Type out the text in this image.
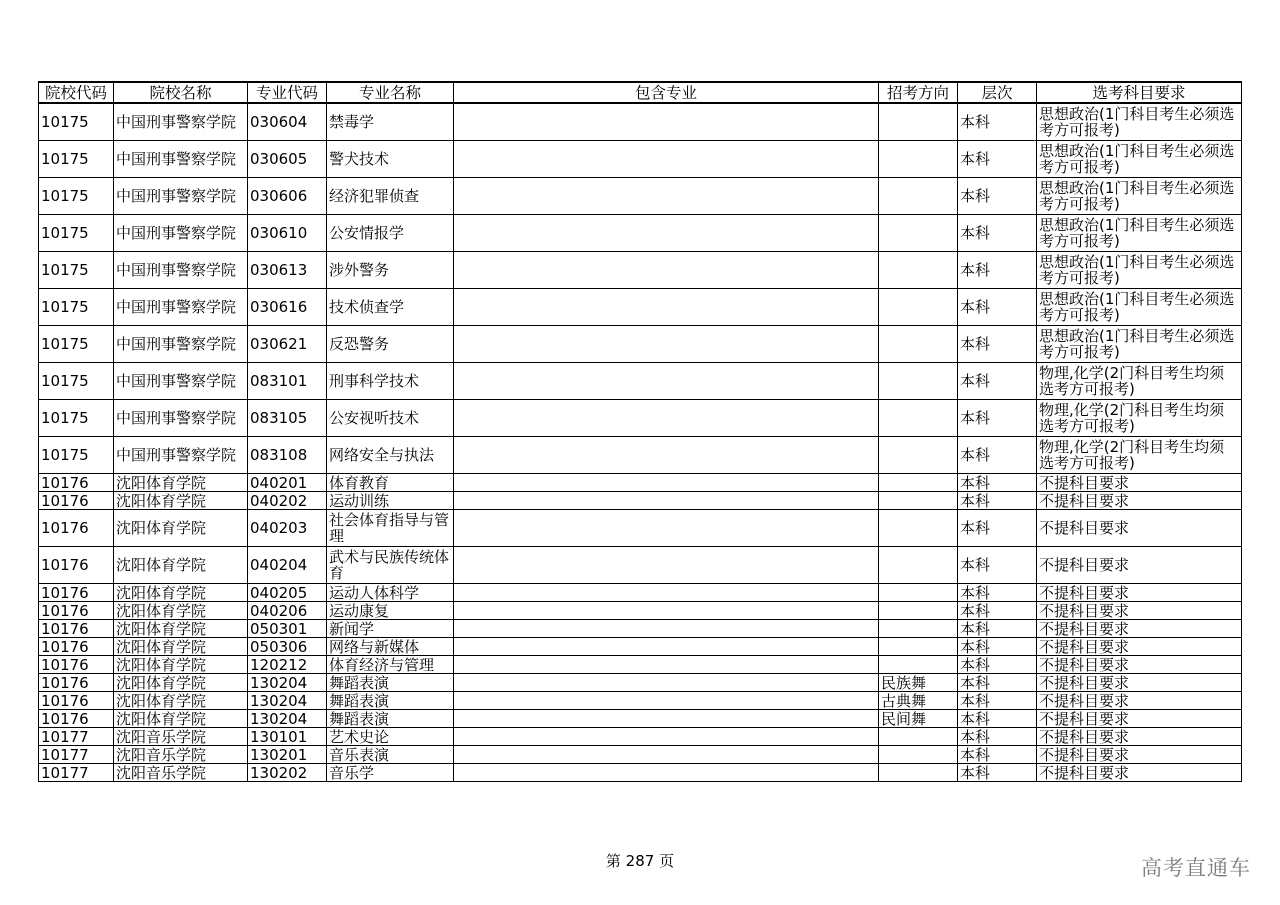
院校代码	院校名称	专业代码	专业名称	包含专业	招考方向	层次	选考科目要求
10175	中国刑事警察学院	030604	禁毒学			本科	思想政治(1门科目考生必须选考方可报考)
10175	中国刑事警察学院	030605	警犬技术			本科	思想政治(1门科目考生必须选考方可报考)
10175	中国刑事警察学院	030606	经济犯罪侦查			本科	思想政治(1门科目考生必须选考方可报考)
10175	中国刑事警察学院	030610	公安情报学			本科	思想政治(1门科目考生必须选考方可报考)
10175	中国刑事警察学院	030613	涉外警务			本科	思想政治(1门科目考生必须选考方可报考)
10175	中国刑事警察学院	030616	技术侦查学			本科	思想政治(1门科目考生必须选考方可报考)
10175	中国刑事警察学院	030621	反恐警务			本科	思想政治(1门科目考生必须选考方可报考)
10175	中国刑事警察学院	083101	刑事科学技术			本科	物理,化学(2门科目考生均须选考方可报考)
10175	中国刑事警察学院	083105	公安视听技术			本科	物理,化学(2门科目考生均须选考方可报考)
10175	中国刑事警察学院	083108	网络安全与执法			本科	物理,化学(2门科目考生均须选考方可报考)
10176	沈阳体育学院	040201	体育教育			本科	不提科目要求
10176	沈阳体育学院	040202	运动训练			本科	不提科目要求
10176	沈阳体育学院	040203	社会体育指导与管理			本科	不提科目要求
10176	沈阳体育学院	040204	武术与民族传统体育			本科	不提科目要求
10176	沈阳体育学院	040205	运动人体科学			本科	不提科目要求
10176	沈阳体育学院	040206	运动康复			本科	不提科目要求
10176	沈阳体育学院	050301	新闻学			本科	不提科目要求
10176	沈阳体育学院	050306	网络与新媒体			本科	不提科目要求
10176	沈阳体育学院	120212	体育经济与管理			本科	不提科目要求
10176	沈阳体育学院	130204	舞蹈表演		民族舞	本科	不提科目要求
10176	沈阳体育学院	130204	舞蹈表演		古典舞	本科	不提科目要求
10176	沈阳体育学院	130204	舞蹈表演		民间舞	本科	不提科目要求
10177	沈阳音乐学院	130101	艺术史论			本科	不提科目要求
10177	沈阳音乐学院	130201	音乐表演			本科	不提科目要求
10177	沈阳音乐学院	130202	音乐学			本科	不提科目要求
第 287 页	高考直通车
